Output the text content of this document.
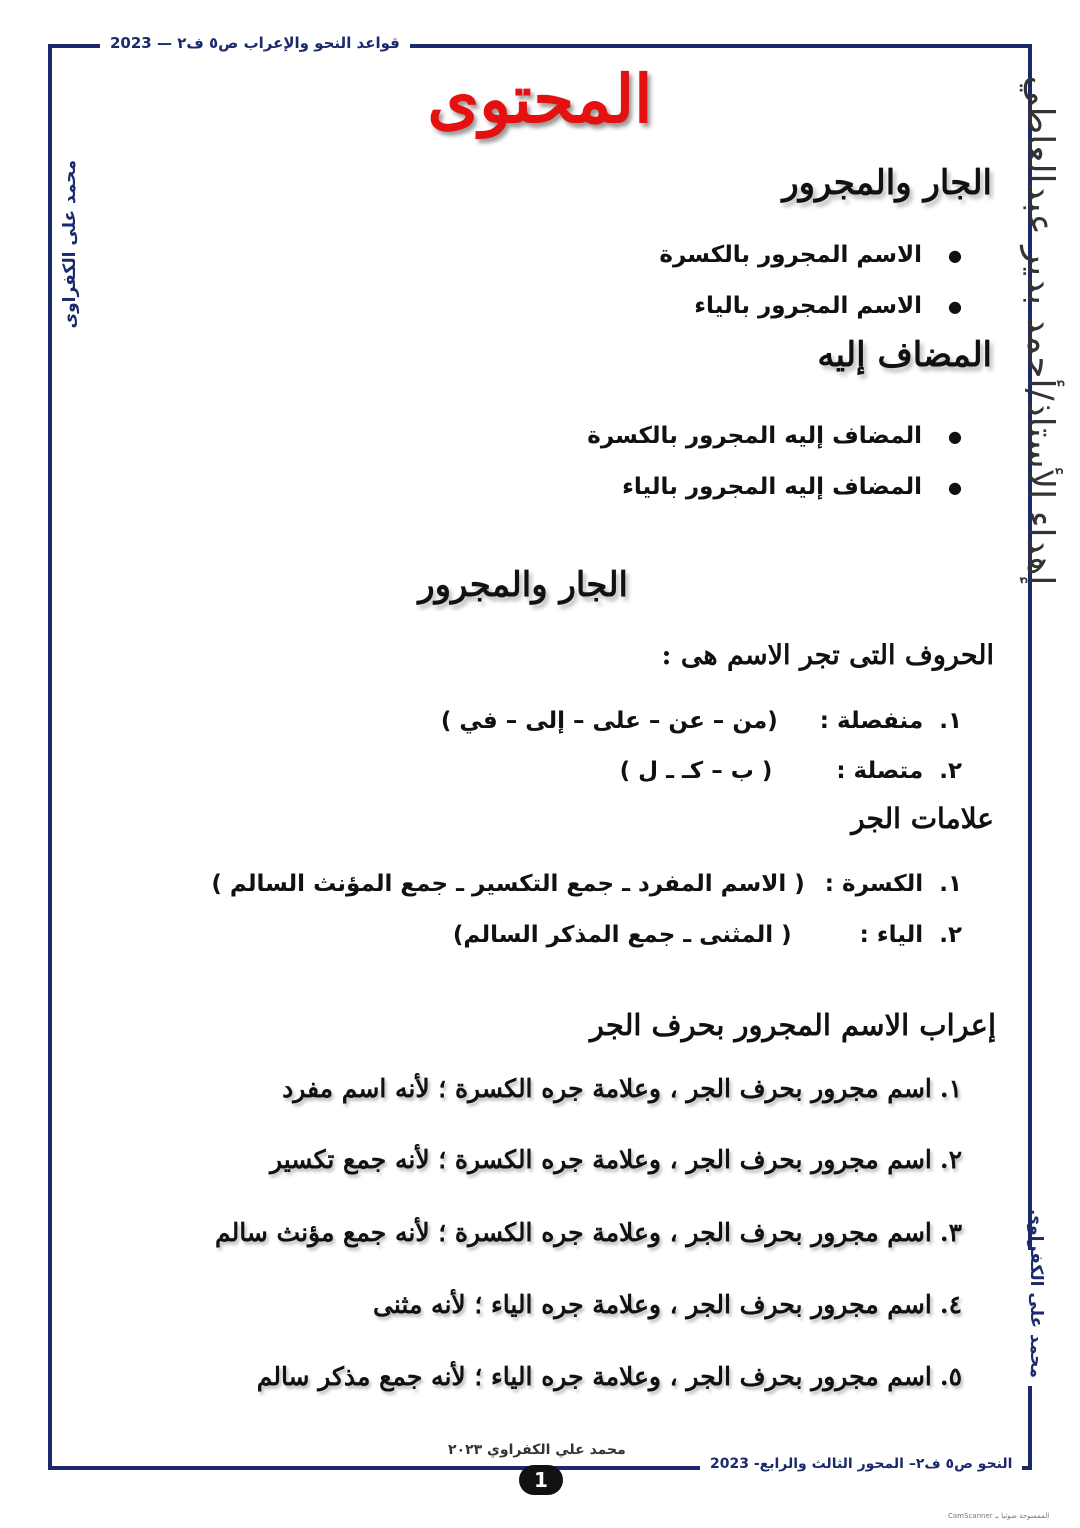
قواعد النحو والإعراب ص٥ ف٢ — 2023
محمد على الكفراوى	إهداء الأستاذ/أحمد بدير عبدالعاطي
محمد على الكفراوى
المحتوى
الجار والمجرور
● الاسم المجرور بالكسرة
● الاسم المجرور بالياء
المضاف إليه
● المضاف إليه المجرور بالكسرة
● المضاف إليه المجرور بالياء
الجار والمجرور
الحروف التى تجر الاسم هى :
١. منفصلة : (من – عن – على – إلى – في )
٢. متصلة : ( ب – كـ ـ ل )
علامات الجر
١. الكسرة : ( الاسم المفرد ـ جمع التكسير ـ جمع المؤنث السالم )
٢. الياء : ( المثنى ـ جمع المذكر السالم)
إعراب الاسم المجرور بحرف الجر
١.اسم مجرور بحرف الجر ، وعلامة جره الكسرة ؛ لأنه اسم مفرد
٢.اسم مجرور بحرف الجر ، وعلامة جره الكسرة ؛ لأنه جمع تكسير
٣.اسم مجرور بحرف الجر ، وعلامة جره الكسرة ؛ لأنه جمع مؤنث سالم
٤.اسم مجرور بحرف الجر ، وعلامة جره الياء ؛ لأنه مثنى
٥.اسم مجرور بحرف الجر ، وعلامة جره الياء ؛ لأنه جمع مذكر سالم
محمد علي الكفراوي ٢٠٢٣
النحو ص٥ ف٢– المحور الثالث والرابع- 2023
1
الممسوحة ضوئيا بـ CamScanner
